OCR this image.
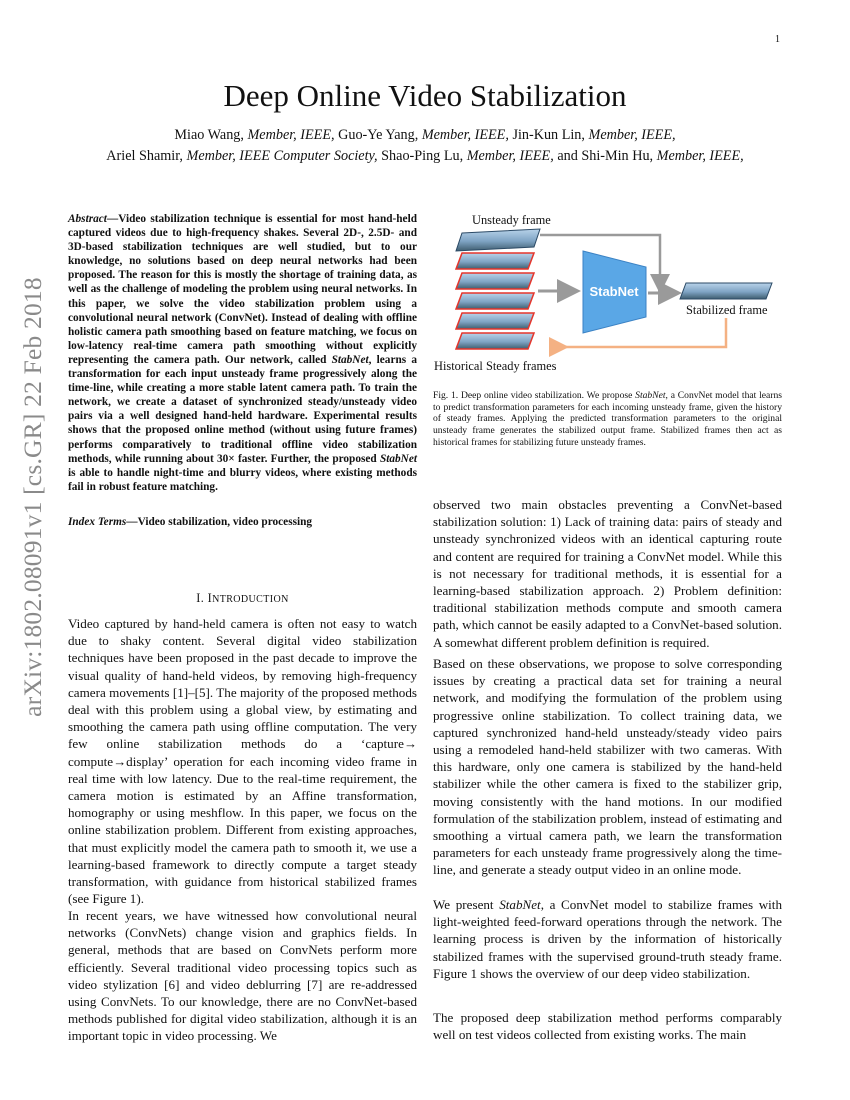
1
arXiv:1802.08091v1 [cs.GR] 22 Feb 2018
Deep Online Video Stabilization
Miao Wang, Member, IEEE, Guo-Ye Yang, Member, IEEE, Jin-Kun Lin, Member, IEEE,
Ariel Shamir, Member, IEEE Computer Society, Shao-Ping Lu, Member, IEEE, and Shi-Min Hu, Member, IEEE,

Abstract—Video stabilization technique is essential for most hand-held captured videos due to high-frequency shakes. Several 2D-, 2.5D- and 3D-based stabilization techniques are well studied, but to our knowledge, no solutions based on deep neural networks had been proposed. The reason for this is mostly the shortage of training data, as well as the challenge of modeling the problem using neural networks. In this paper, we solve the video stabilization problem using a convolutional neural network (ConvNet). Instead of dealing with offline holistic camera path smoothing based on feature matching, we focus on low-latency real-time camera path smoothing without explicitly representing the camera path. Our network, called StabNet, learns a transformation for each input unsteady frame progressively along the time-line, while creating a more stable latent camera path. To train the network, we create a dataset of synchronized steady/unsteady video pairs via a well designed hand-held hardware. Experimental results shows that the proposed online method (without using future frames) performs comparatively to traditional offline video stabilization methods, while running about 30× faster. Further, the proposed StabNet is able to handle night-time and blurry videos, where existing methods fail in robust feature matching.

Index Terms—Video stabilization, video processing

I. INTRODUCTION

Video captured by hand-held camera is often not easy to watch due to shaky content. Several digital video stabilization techniques have been proposed in the past decade to improve the visual quality of hand-held videos, by removing high-frequency camera movements [1]–[5]. The majority of the proposed methods deal with this problem using a global view, by estimating and smoothing the camera path using offline computation. The very few online stabilization methods do a ‘capture→ compute→display’ operation for each incoming video frame in real time with low latency. Due to the real-time requirement, the camera motion is estimated by an Affine transformation, homography or using meshflow. In this paper, we focus on the online stabilization problem. Different from existing approaches, that must explicitly model the camera path to smooth it, we use a learning-based framework to directly compute a target steady transformation, with guidance from historical stabilized frames (see Figure 1).

In recent years, we have witnessed how convolutional neural networks (ConvNets) change vision and graphics fields. In general, methods that are based on ConvNets perform more efficiently. Several traditional video processing topics such as video stylization [6] and video deblurring [7] are re-addressed using ConvNets. To our knowledge, there are no ConvNet-based methods published for digital video stabilization, although it is an important topic in video processing. We

Unsteady frame
Historical Steady frames
StabNet
Stabilized frame

Fig. 1. Deep online video stabilization. We propose StabNet, a ConvNet model that learns to predict transformation parameters for each incoming unsteady frame, given the history of steady frames. Applying the predicted transformation parameters to the original unsteady frame generates the stabilized output frame. Stabilized frames then act as historical frames for stabilizing future unsteady frames.

observed two main obstacles preventing a ConvNet-based stabilization solution: 1) Lack of training data: pairs of steady and unsteady synchronized videos with an identical capturing route and content are required for training a ConvNet model. While this is not necessary for traditional methods, it is essential for a learning-based stabilization approach. 2) Problem definition: traditional stabilization methods compute and smooth camera path, which cannot be easily adapted to a ConvNet-based solution. A somewhat different problem definition is required.

Based on these observations, we propose to solve corresponding issues by creating a practical data set for training a neural network, and modifying the formulation of the problem using progressive online stabilization. To collect training data, we captured synchronized hand-held unsteady/steady video pairs using a remodeled hand-held stabilizer with two cameras. With this hardware, only one camera is stabilized by the hand-held stabilizer while the other camera is fixed to the stabilizer grip, moving consistently with the hand motions. In our modified formulation of the stabilization problem, instead of estimating and smoothing a virtual camera path, we learn the transformation parameters for each unsteady frame progressively along the time-line, and generate a steady output video in an online mode.

We present StabNet, a ConvNet model to stabilize frames with light-weighted feed-forward operations through the network. The learning process is driven by the information of historically stabilized frames with the supervised ground-truth steady frame. Figure 1 shows the overview of our deep video stabilization.

The proposed deep stabilization method performs comparably well on test videos collected from existing works. The main
